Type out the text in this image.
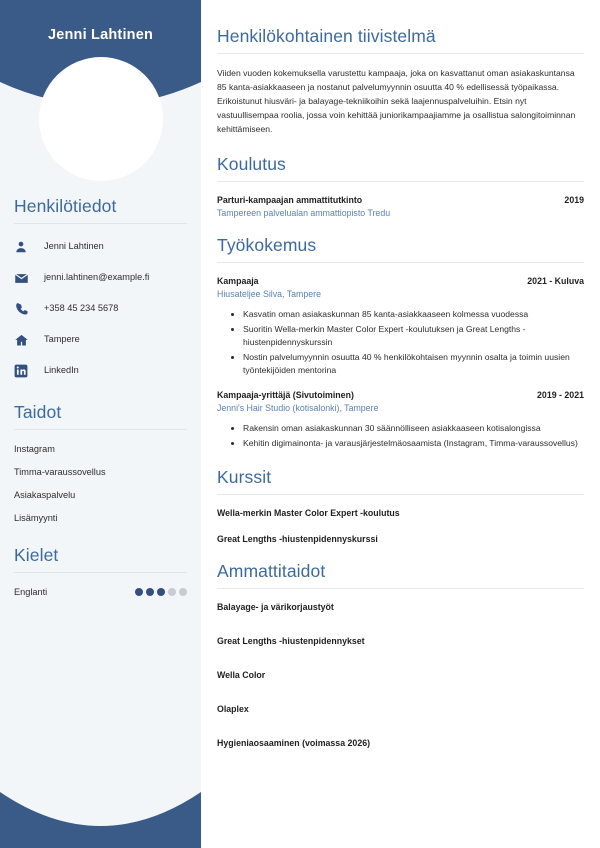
Jenni Lahtinen
Henkilötiedot
Jenni Lahtinen
jenni.lahtinen@example.fi
+358 45 234 5678
Tampere
LinkedIn
Taidot
Instagram
Timma-varaussovellus
Asiakaspalvelu
Lisämyynti
Kielet
Englanti
Henkilökohtainen tiivistelmä

Viiden vuoden kokemuksella varustettu kampaaja, joka on kasvattanut oman asiakaskuntansa 85 kanta-asiakkaaseen ja nostanut palvelumyynnin osuutta 40 % edellisessä työpaikassa. Erikoistunut hiusväri- ja balayage-tekniikoihin sekä laajennuspalveluihin. Etsin nyt vastuullisempaa roolia, jossa voin kehittää juniorikampaajiamme ja osallistua salongitoiminnan kehittämiseen.

Koulutus
Parturi-kampaajan ammattitutkinto	2019
Tampereen palvelualan ammattiopisto Tredu
Työkokemus
Kampaaja	2021 - Kuluva
Hiusateljee Silva, Tampere
• Kasvatin oman asiakaskunnan 85 kanta-asiakkaaseen kolmessa vuodessa
• Suoritin Wella-merkin Master Color Expert -koulutuksen ja Great Lengths -hiustenpidennyskurssin
• Nostin palvelumyynnin osuutta 40 % henkilökohtaisen myynnin osalta ja toimin uusien työntekijöiden mentorina
Kampaaja-yrittäjä (Sivutoiminen)	2019 - 2021
Jenni's Hair Studio (kotisalonki), Tampere
• Rakensin oman asiakaskunnan 30 säännölliseen asiakkaaseen kotisalongissa
• Kehitin digimainonta- ja varausjärjestelmäosaamista (Instagram, Timma-varaussovellus)
Kurssit
Wella-merkin Master Color Expert -koulutus
Great Lengths -hiustenpidennyskurssi
Ammattitaidot
Balayage- ja värikorjaustyöt
Great Lengths -hiustenpidennykset
Wella Color
Olaplex
Hygieniaosaaminen (voimassa 2026)
